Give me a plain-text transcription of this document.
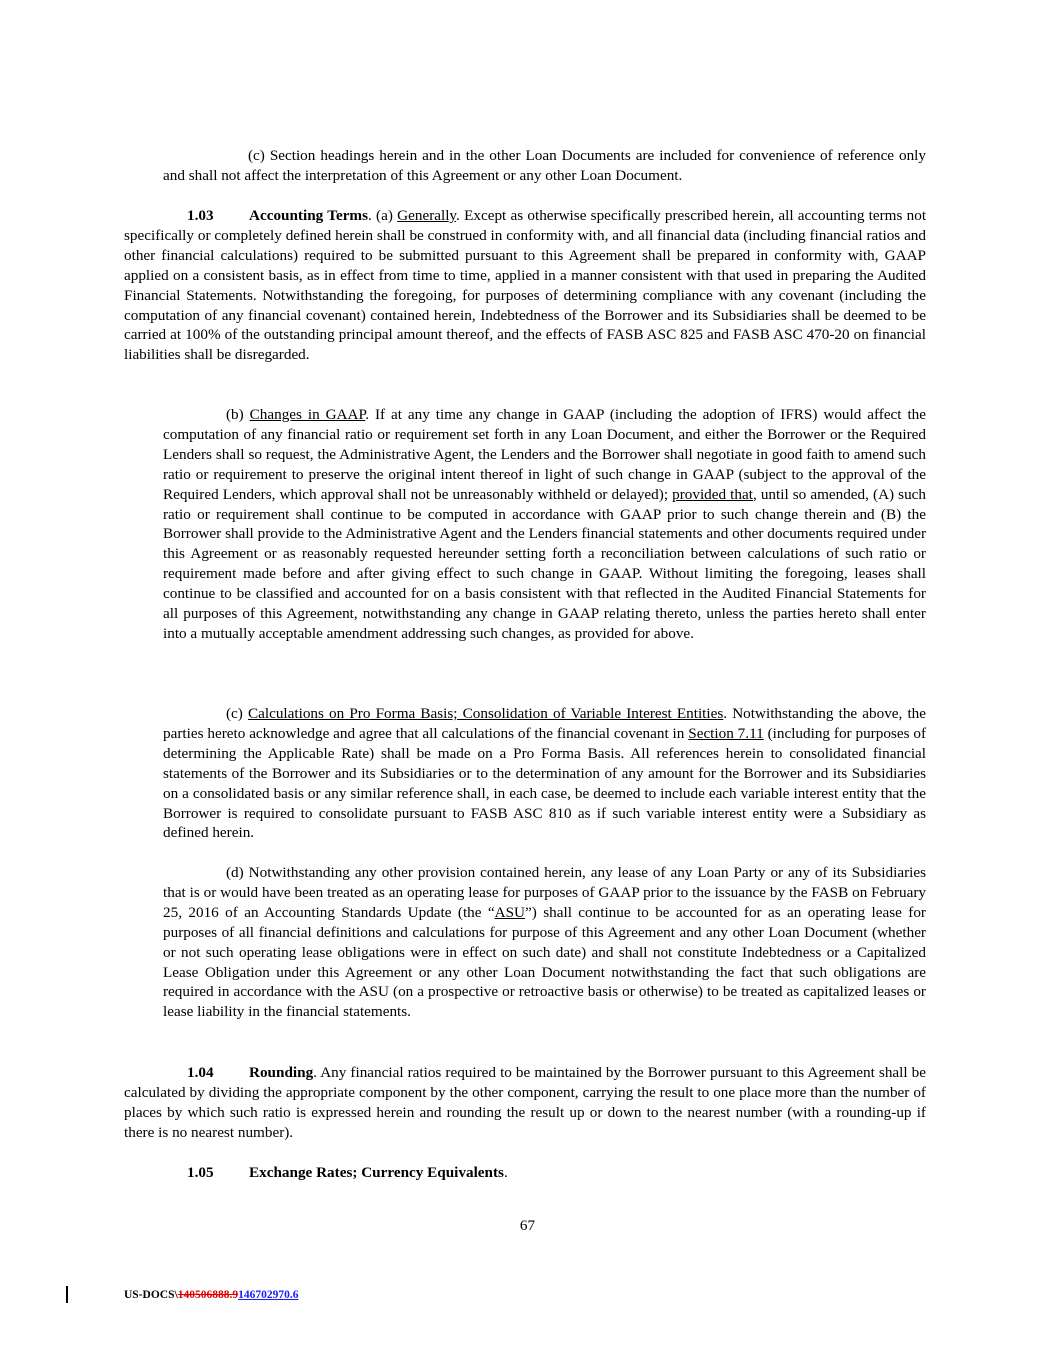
(c) Section headings herein and in the other Loan Documents are included for convenience of reference only and shall not affect the interpretation of this Agreement or any other Loan Document.

1.03 Accounting Terms. (a) Generally. Except as otherwise specifically prescribed herein, all accounting terms not specifically or completely defined herein shall be construed in conformity with, and all financial data (including financial ratios and other financial calculations) required to be submitted pursuant to this Agreement shall be prepared in conformity with, GAAP applied on a consistent basis, as in effect from time to time, applied in a manner consistent with that used in preparing the Audited Financial Statements. Notwithstanding the foregoing, for purposes of determining compliance with any covenant (including the computation of any financial covenant) contained herein, Indebtedness of the Borrower and its Subsidiaries shall be deemed to be carried at 100% of the outstanding principal amount thereof, and the effects of FASB ASC 825 and FASB ASC 470-20 on financial liabilities shall be disregarded.

(b) Changes in GAAP. If at any time any change in GAAP (including the adoption of IFRS) would affect the computation of any financial ratio or requirement set forth in any Loan Document, and either the Borrower or the Required Lenders shall so request, the Administrative Agent, the Lenders and the Borrower shall negotiate in good faith to amend such ratio or requirement to preserve the original intent thereof in light of such change in GAAP (subject to the approval of the Required Lenders, which approval shall not be unreasonably withheld or delayed); provided that, until so amended, (A) such ratio or requirement shall continue to be computed in accordance with GAAP prior to such change therein and (B) the Borrower shall provide to the Administrative Agent and the Lenders financial statements and other documents required under this Agreement or as reasonably requested hereunder setting forth a reconciliation between calculations of such ratio or requirement made before and after giving effect to such change in GAAP. Without limiting the foregoing, leases shall continue to be classified and accounted for on a basis consistent with that reflected in the Audited Financial Statements for all purposes of this Agreement, notwithstanding any change in GAAP relating thereto, unless the parties hereto shall enter into a mutually acceptable amendment addressing such changes, as provided for above.

(c) Calculations on Pro Forma Basis; Consolidation of Variable Interest Entities. Notwithstanding the above, the parties hereto acknowledge and agree that all calculations of the financial covenant in Section 7.11 (including for purposes of determining the Applicable Rate) shall be made on a Pro Forma Basis. All references herein to consolidated financial statements of the Borrower and its Subsidiaries or to the determination of any amount for the Borrower and its Subsidiaries on a consolidated basis or any similar reference shall, in each case, be deemed to include each variable interest entity that the Borrower is required to consolidate pursuant to FASB ASC 810 as if such variable interest entity were a Subsidiary as defined herein.

(d) Notwithstanding any other provision contained herein, any lease of any Loan Party or any of its Subsidiaries that is or would have been treated as an operating lease for purposes of GAAP prior to the issuance by the FASB on February 25, 2016 of an Accounting Standards Update (the “ASU”) shall continue to be accounted for as an operating lease for purposes of all financial definitions and calculations for purpose of this Agreement and any other Loan Document (whether or not such operating lease obligations were in effect on such date) and shall not constitute Indebtedness or a Capitalized Lease Obligation under this Agreement or any other Loan Document notwithstanding the fact that such obligations are required in accordance with the ASU (on a prospective or retroactive basis or otherwise) to be treated as capitalized leases or lease liability in the financial statements.

1.04 Rounding. Any financial ratios required to be maintained by the Borrower pursuant to this Agreement shall be calculated by dividing the appropriate component by the other component, carrying the result to one place more than the number of places by which such ratio is expressed herein and rounding the result up or down to the nearest number (with a rounding-up if there is no nearest number).

1.05 Exchange Rates; Currency Equivalents.

67
US-DOCS\140506888.9146702970.6
